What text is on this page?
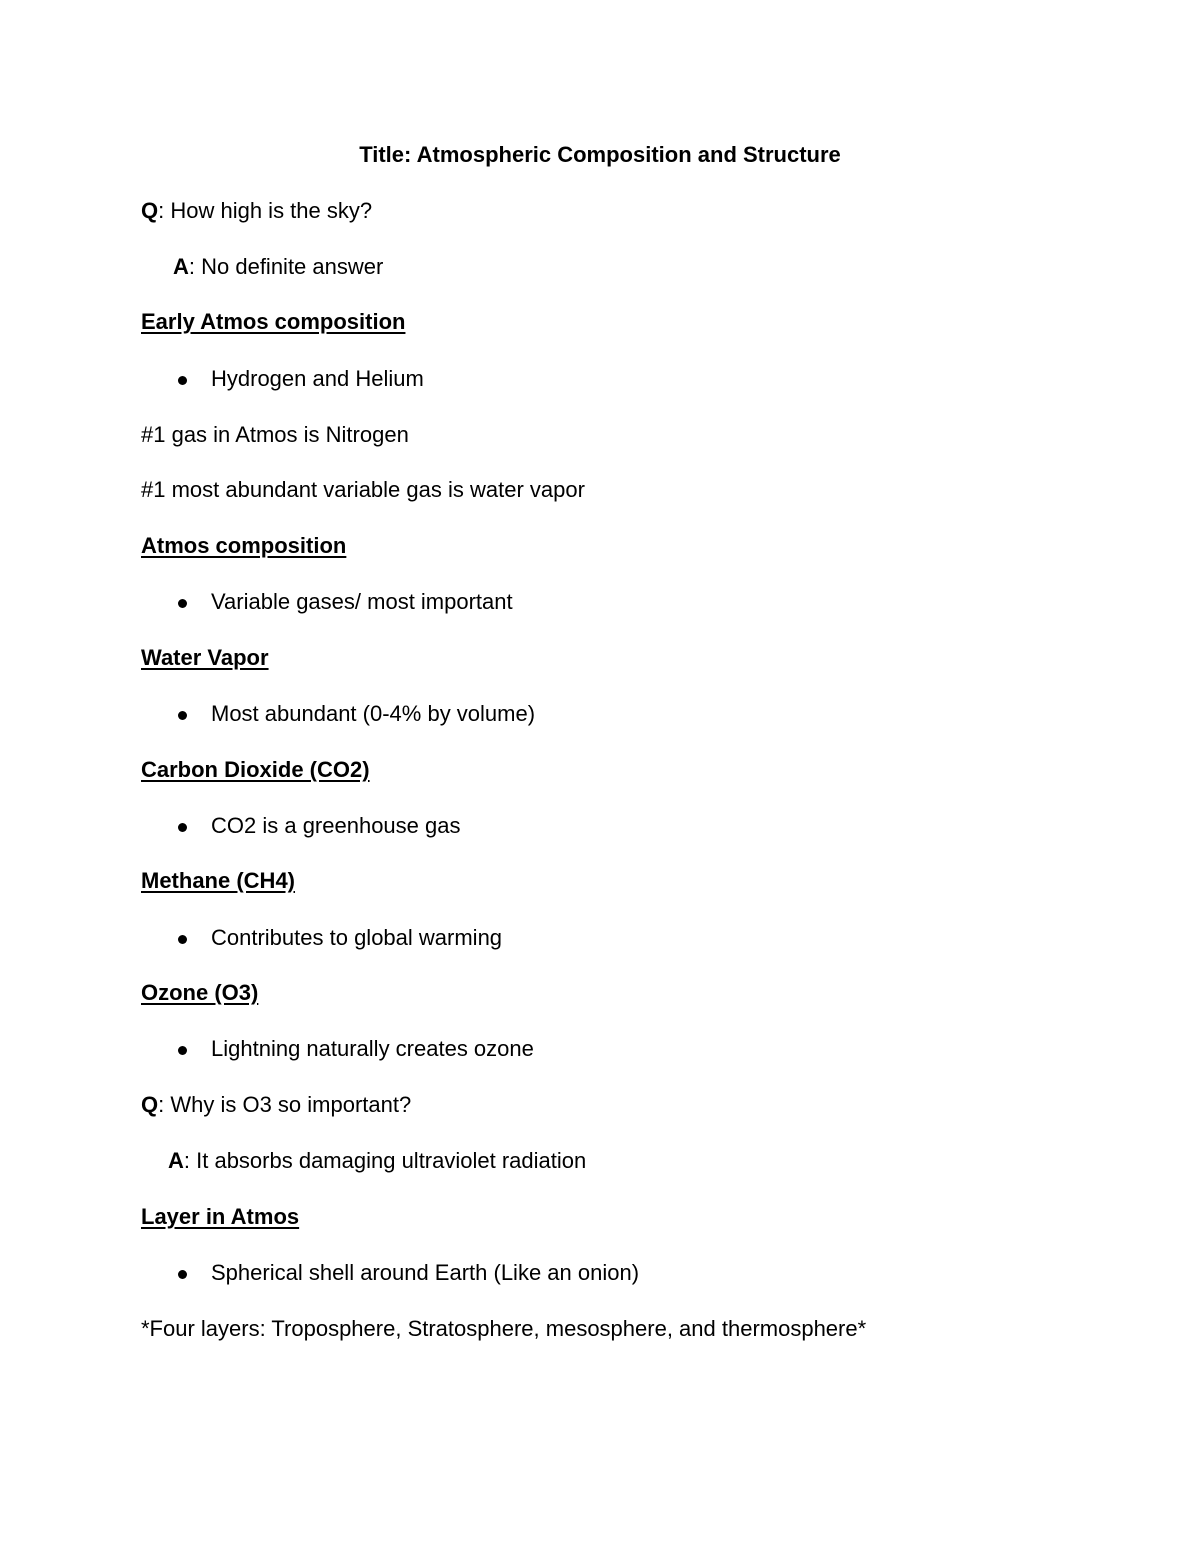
Title: Atmospheric Composition and Structure
Q: How high is the sky?
A: No definite answer
Early Atmos composition
Hydrogen and Helium
#1 gas in Atmos is Nitrogen
#1 most abundant variable gas is water vapor
Atmos composition
Variable gases/ most important
Water Vapor
Most abundant (0-4% by volume)
Carbon Dioxide (CO2)
CO2 is a greenhouse gas
Methane (CH4)
Contributes to global warming
Ozone (O3)
Lightning naturally creates ozone
Q: Why is O3 so important?
A: It absorbs damaging ultraviolet radiation
Layer in Atmos
Spherical shell around Earth (Like an onion)
*Four layers: Troposphere, Stratosphere, mesosphere, and thermosphere*
